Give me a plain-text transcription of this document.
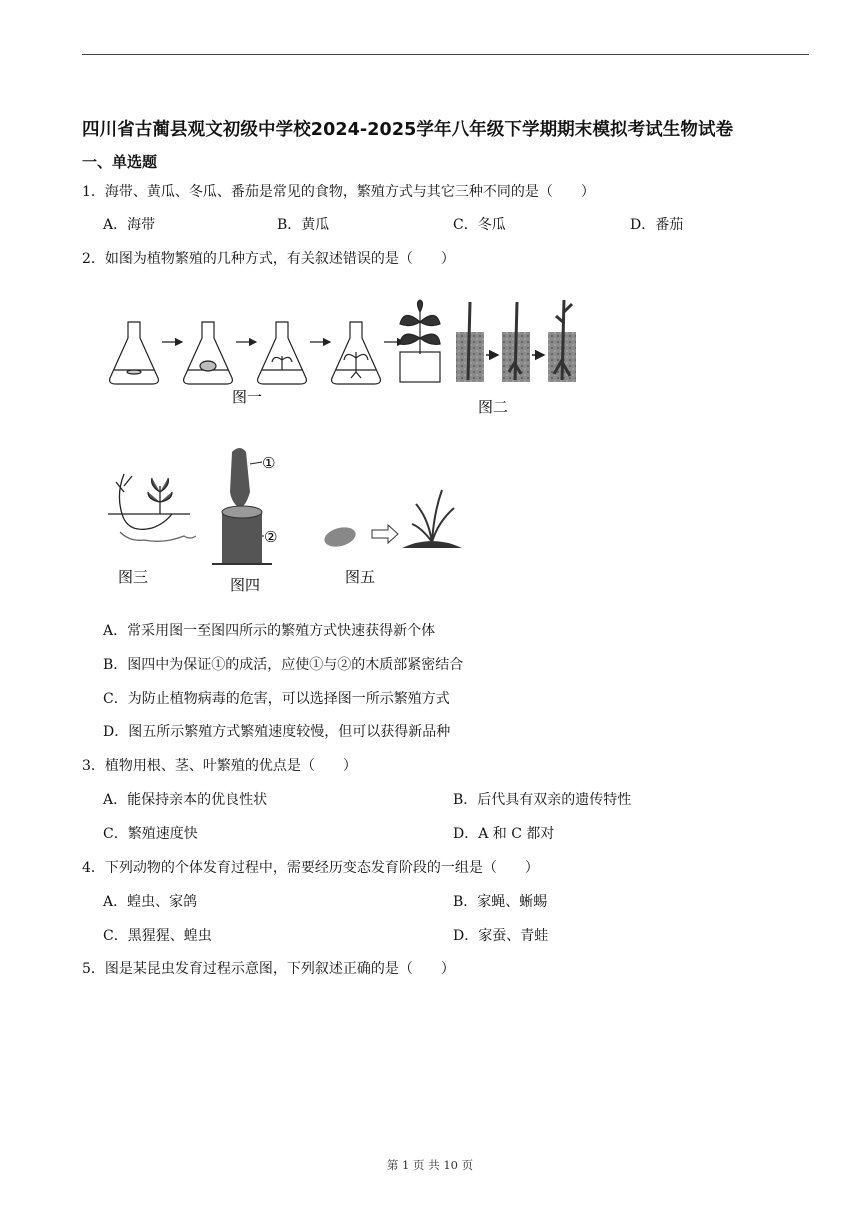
四川省古蔺县观文初级中学校2024-2025学年八年级下学期期末模拟考试生物试卷
一、单选题
1．海带、黄瓜、冬瓜、番茄是常见的食物，繁殖方式与其它三种不同的是（　　）
A．海带	B．黄瓜	C．冬瓜	D．番茄
2．如图为植物繁殖的几种方式，有关叙述错误的是（　　）
图一
图二
图三
①
②
图四	图五
A．常采用图一至图四所示的繁殖方式快速获得新个体
B．图四中为保证①的成活，应使①与②的木质部紧密结合
C．为防止植物病毒的危害，可以选择图一所示繁殖方式
D．图五所示繁殖方式繁殖速度较慢，但可以获得新品种
3．植物用根、茎、叶繁殖的优点是（　　）
A．能保持亲本的优良性状	B．后代具有双亲的遗传特性
C．繁殖速度快	D．A 和 C 都对
4．下列动物的个体发育过程中，需要经历变态发育阶段的一组是（　　）
A．蝗虫、家鸽	B．家蝇、蜥蜴
C．黑猩猩、蝗虫	D．家蚕、青蛙
5．图是某昆虫发育过程示意图，下列叙述正确的是（　　）
第 1 页 共 10 页
